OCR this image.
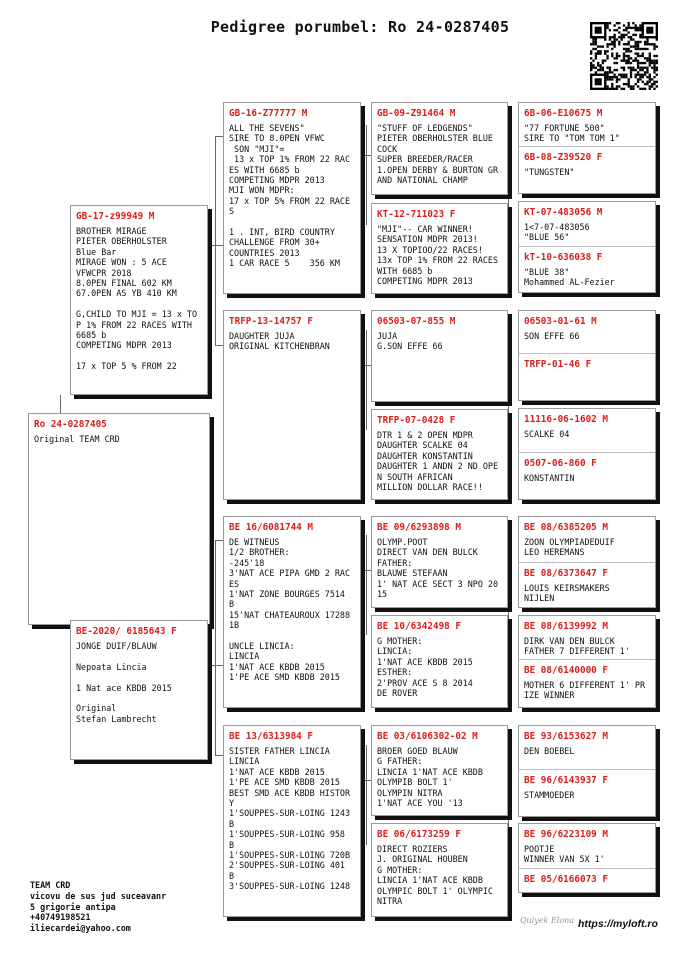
Pedigree porumbel: Ro 24-0287405
GB-17-z99949 M
BROTHER MIRAGE
PIETER OBERHOLSTER
Blue Bar
MIRAGE WON : 5 ACE
VFWCPR 2018
8.0PEN FINAL 602 KM
67.0PEN AS YB 410 KM

G,CHILD TO MJI = 13 x TO
P 1% FROM 22 RACES WITH
6685 b
COMPETING MDPR 2013

17 x TOP 5 % FROM 22
Ro 24-0287405
Original TEAM CRD
BE-2020/ 6185643 F
JONGE DUIF/BLAUW

Nepoata Lincia

1 Nat ace KBDB 2015

Original
Stefan Lambrecht
GB-16-Z77777 M
ALL THE SEVENS"
SIRE TO 8.0PEN VFWC
SON "MJI"=
13 x TOP 1% FROM 22 RAC
ES WITH 6685 b
COMPETING MDPR 2013
MJI WON MDPR:
17 x TOP 5% FROM 22 RACE
S

1 . INT, BIRD COUNTRY
CHALLENGE FROM 30+
COUNTRIES 2013
1 CAR RACE 5    356 KM
TRFP-13-14757 F
DAUGHTER JUJA
ORIGINAL KITCHENBRAN
BE 16/6081744 M
DE WITNEUS
1/2 BROTHER:
-245'18
3'NAT ACE PIPA GMD 2 RAC
ES
1'NAT ZONE BOURGES 7514
B
15'NAT CHATEAUROUX 17288
1B

UNCLE LINCIA:
LINCIA
1'NAT ACE KBDB 2015
1'PE ACE SMD KBDB 2015
BE 13/6313984 F
SISTER FATHER LINCIA
LINCIA
1'NAT ACE KBDB 2015
1'PE ACE SMD KBDB 2015
BEST SMD ACE KBDB HISTOR
Y
1'SOUPPES-SUR-LOING 1243
B
1'SOUPPES-SUR-LOING 958
B
1'SOUPPES-SUR-LOING 720B
2'SOUPPES-SUR-LOING 401
B
3'SOUPPES-SUR-LOING 1248
GB-09-Z91464 M
"STUFF OF LEDGENDS"
PIETER OBERHOLSTER BLUE
COCK
SUPER BREEDER/RACER
1.OPEN DERBY & BURTON GR
AND NATIONAL CHAMP
KT-12-711023 F
"MJI"-- CAR WINNER!
SENSATION MDPR 2013!
13 X TOPIOO/22 RACES!
13x TOP 1% FROM 22 RACES
WITH 6685 b
COMPETING MDPR 2013
06503-07-855 M
JUJA
G.SON EFFE 66
TRFP-07-0428 F
DTR 1 & 2 OPEN MDPR
DAUGHTER SCALKE 04
DAUGHTER KONSTANTIN
DAUGHTER 1 ANDN 2 ND OPE
N SOUTH AFRICAN
MILLION DOLLAR RACE!!
BE 09/6293898 M
OLYMP.POOT
DIRECT VAN DEN BULCK
FATHER:
BLAUWE STEFAAN
1' NAT ACE SECT 3 NPO 20
15
BE 10/6342498 F
G MOTHER:
LINCIA:
1'NAT ACE KBDB 2015
ESTHER:
2'PROV ACE S 8 2014
DE ROVER
BE 03/6106302-02 M
BROER GOED BLAUW
G FATHER:
LINCIA 1'NAT ACE KBDB
OLYMPIB BOLT 1'
OLYMPIN NITRA
1'NAT ACE YOU '13
BE 06/6173259 F
DIRECT ROZIERS
J. ORIGINAL HOUBEN
G MOTHER:
LINCIA 1'NAT ACE KBDB
OLYMPIC BOLT 1' OLYMPIC
NITRA
6B-06-E10675 M
"77 FORTUNE 500"
SIRE TO "TOM TOM 1"
6B-08-Z39520 F
"TUNGSTEN"
KT-07-483056 M
1<7-07-483056
"BLUE 56"
kT-10-636038 F
"BLUE 38"
Mohammed AL-Fezier
06503-01-61 M
SON EFFE 66
TRFP-01-46 F
11116-06-1602 M
SCALKE 04
0507-06-860 F
KONSTANTIN
BE 08/6385205 M
ZOON OLYMPIADEDUIF
LEO HEREMANS
BE 08/6373647 F
LOUIS KEIRSMAKERS
NIJLEN
BE 08/6139992 M
DIRK VAN DEN BULCK
FATHER 7 DIFFERENT 1'
BE 08/6140000 F
MOTHER 6 DIFFERENT 1' PR
IZE WINNER
BE 93/6153627 M
DEN BOEBEL
BE 96/6143937 F
STAMMOEDER
BE 96/6223109 M
POOTJE
WINNER VAN 5X 1'
BE 05/6166073 F
TEAM CRD
vicovu de sus jud suceavanr
5 grigorie antipa
+40749198521
iliecardei@yahoo.com
Quiyek Elona https://myloft.ro
